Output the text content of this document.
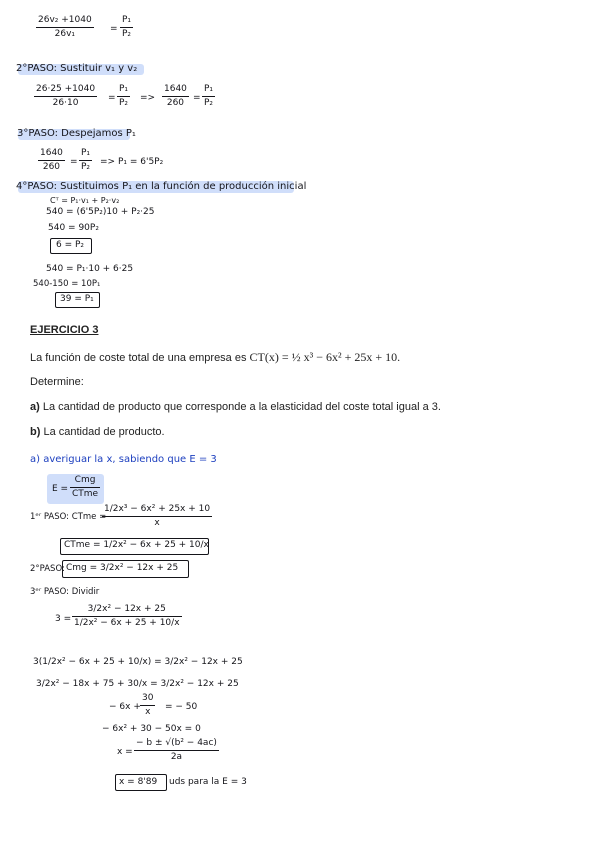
$\frac{\text{26v₂ +1040}}{\text{26v₁}} = \frac{\text{P₁}}{\text{P₂}}$
2°PASO: Sustituir v₁ y v₂
$\frac{26\cdot 25 +1040}{26\cdot 10} = \frac{\text{P₁}}{\text{P₂}} => \frac{1640}{260} = \frac{\text{P₁}}{\text{P₂}}$
3°PASO: Despejamos P₁
$\frac{1640}{260} = \frac{\text{P₁}}{\text{P₂}} => P_1 = 6'5P_2$
4°PASO: Sustituimos P₁ en la función de producción inicial
Cᵀ = P₁·v₁ + P₂·v₂
540 = (6'5P₂)10 + P₂·25
540 = 90P₂
6 = P₂
540 = P₁·10 + 6·25
540-150 = 10P₁
39 = P₁
EJERCICIO 3
La función de coste total de una empresa es CT(x) = ½ x³ − 6x² + 25x + 10.
Determine:
a) La cantidad de producto que corresponde a la elasticidad del coste total igual a 3.
b) La cantidad de producto.
a) averiguar la x, sabiendo que E = 3
E =
Cmg
CTme
1ᵉʳ PASO: CTme =
$\frac{\text{1/2x³ − 6x² + 25x + 10}}{x}$
CTme = 1/2x² − 6x + 25 + 10/x
2°PASO: Cmg = 3/2x² − 12x + 25
3ᵉʳ PASO: Dividir
$3 = \frac{\text{3/2x² − 12x + 25}}{\text{1/2x² − 6x + 25 + 10/x}}$
3(1/2x² − 6x + 25 + 10/x) = 3/2x² − 12x + 25
3/2x² − 18x + 75 + 30/x = 3/2x² − 12x + 25
− $6x + \frac{30}{x}$ = − 50
− 6x² + 30 − 50x = 0
$x = \frac{\text{− b ± √(b² − 4ac)}}{2a}$
x = 8'89 uds para la E = 3
